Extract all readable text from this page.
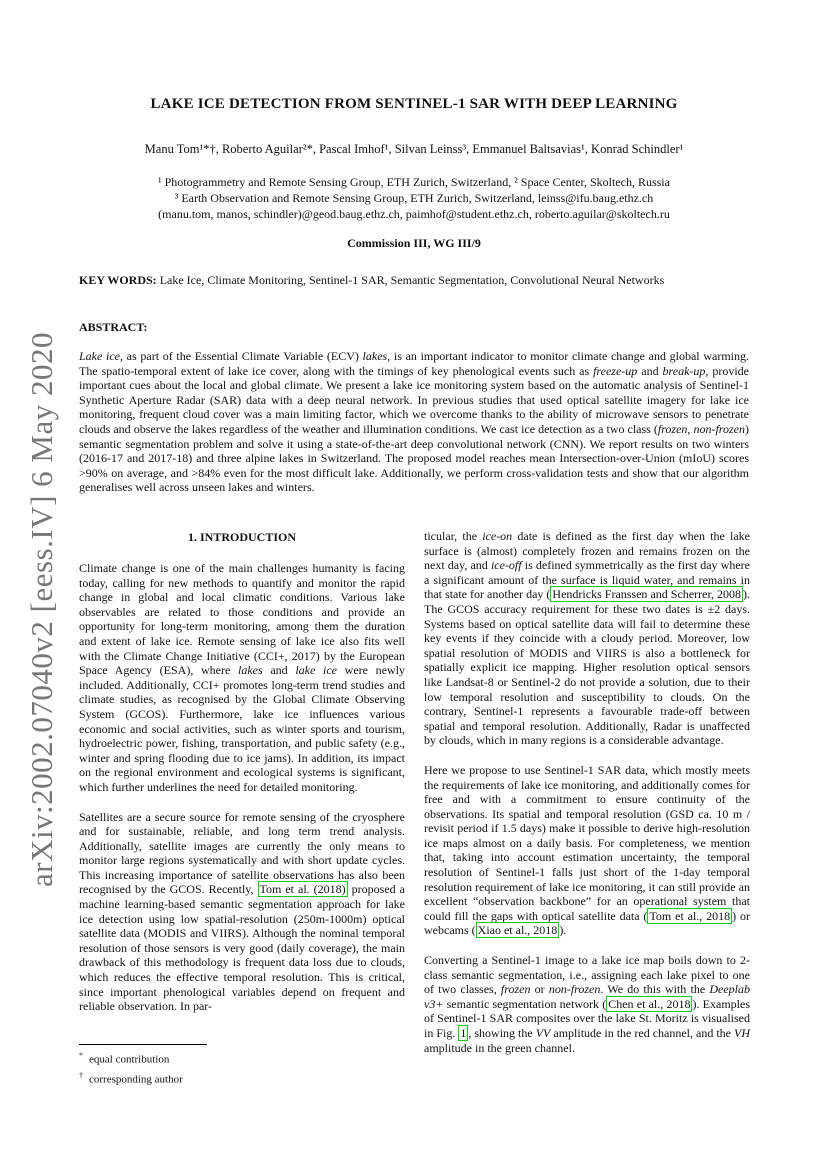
arXiv:2002.07040v2 [eess.IV] 6 May 2020
LAKE ICE DETECTION FROM SENTINEL-1 SAR WITH DEEP LEARNING
Manu Tom¹*†, Roberto Aguilar²*, Pascal Imhof¹, Silvan Leinss³, Emmanuel Baltsavias¹, Konrad Schindler¹
¹ Photogrammetry and Remote Sensing Group, ETH Zurich, Switzerland, ² Space Center, Skoltech, Russia
³ Earth Observation and Remote Sensing Group, ETH Zurich, Switzerland, leinss@ifu.baug.ethz.ch
(manu.tom, manos, schindler)@geod.baug.ethz.ch, paimhof@student.ethz.ch, roberto.aguilar@skoltech.ru
Commission III, WG III/9
KEY WORDS: Lake Ice, Climate Monitoring, Sentinel-1 SAR, Semantic Segmentation, Convolutional Neural Networks
ABSTRACT:

Lake ice, as part of the Essential Climate Variable (ECV) lakes, is an important indicator to monitor climate change and global warming. The spatio-temporal extent of lake ice cover, along with the timings of key phenological events such as freeze-up and break-up, provide important cues about the local and global climate. We present a lake ice monitoring system based on the automatic analysis of Sentinel-1 Synthetic Aperture Radar (SAR) data with a deep neural network. In previous studies that used optical satellite imagery for lake ice monitoring, frequent cloud cover was a main limiting factor, which we overcome thanks to the ability of microwave sensors to penetrate clouds and observe the lakes regardless of the weather and illumination conditions. We cast ice detection as a two class (frozen, non-frozen) semantic segmentation problem and solve it using a state-of-the-art deep convolutional network (CNN). We report results on two winters (2016-17 and 2017-18) and three alpine lakes in Switzerland. The proposed model reaches mean Intersection-over-Union (mIoU) scores >90% on average, and >84% even for the most difficult lake. Additionally, we perform cross-validation tests and show that our algorithm generalises well across unseen lakes and winters.

1. INTRODUCTION

Climate change is one of the main challenges humanity is facing today, calling for new methods to quantify and monitor the rapid change in global and local climatic conditions. Various lake observables are related to those conditions and provide an opportunity for long-term monitoring, among them the duration and extent of lake ice. Remote sensing of lake ice also fits well with the Climate Change Initiative (CCI+, 2017) by the European Space Agency (ESA), where lakes and lake ice were newly included. Additionally, CCI+ promotes long-term trend studies and climate studies, as recognised by the Global Climate Observing System (GCOS). Furthermore, lake ice influences various economic and social activities, such as winter sports and tourism, hydroelectric power, fishing, transportation, and public safety (e.g., winter and spring flooding due to ice jams). In addition, its impact on the regional environment and ecological systems is significant, which further underlines the need for detailed monitoring.

Satellites are a secure source for remote sensing of the cryosphere and for sustainable, reliable, and long term trend analysis. Additionally, satellite images are currently the only means to monitor large regions systematically and with short update cycles. This increasing importance of satellite observations has also been recognised by the GCOS. Recently, Tom et al. (2018) proposed a machine learning-based semantic segmentation approach for lake ice detection using low spatial-resolution (250m-1000m) optical satellite data (MODIS and VIIRS). Although the nominal temporal resolution of those sensors is very good (daily coverage), the main drawback of this methodology is frequent data loss due to clouds, which reduces the effective temporal resolution. This is critical, since important phenological variables depend on frequent and reliable observation. In par-

* equal contribution
† corresponding author

ticular, the ice-on date is defined as the first day when the lake surface is (almost) completely frozen and remains frozen on the next day, and ice-off is defined symmetrically as the first day where a significant amount of the surface is liquid water, and remains in that state for another day ( Hendricks Franssen and Scherrer, 2008 ). The GCOS accuracy requirement for these two dates is ±2 days. Systems based on optical satellite data will fail to determine these key events if they coincide with a cloudy period. Moreover, low spatial resolution of MODIS and VIIRS is also a bottleneck for spatially explicit ice mapping. Higher resolution optical sensors like Landsat-8 or Sentinel-2 do not provide a solution, due to their low temporal resolution and susceptibility to clouds. On the contrary, Sentinel-1 represents a favourable trade-off between spatial and temporal resolution. Additionally, Radar is unaffected by clouds, which in many regions is a considerable advantage.

Here we propose to use Sentinel-1 SAR data, which mostly meets the requirements of lake ice monitoring, and additionally comes for free and with a commitment to ensure continuity of the observations. Its spatial and temporal resolution (GSD ca. 10 m / revisit period if 1.5 days) make it possible to derive high-resolution ice maps almost on a daily basis. For completeness, we mention that, taking into account estimation uncertainty, the temporal resolution of Sentinel-1 falls just short of the 1-day temporal resolution requirement of lake ice monitoring, it can still provide an excellent “observation backbone” for an operational system that could fill the gaps with optical satellite data ( Tom et al., 2018 ) or webcams ( Xiao et al., 2018 ).

Converting a Sentinel-1 image to a lake ice map boils down to 2-class semantic segmentation, i.e., assigning each lake pixel to one of two classes, frozen or non-frozen. We do this with the Deeplab v3+ semantic segmentation network ( Chen et al., 2018 ). Examples of Sentinel-1 SAR composites over the lake St. Moritz is visualised in Fig. 1 , showing the VV amplitude in the red channel, and the VH amplitude in the green channel.
